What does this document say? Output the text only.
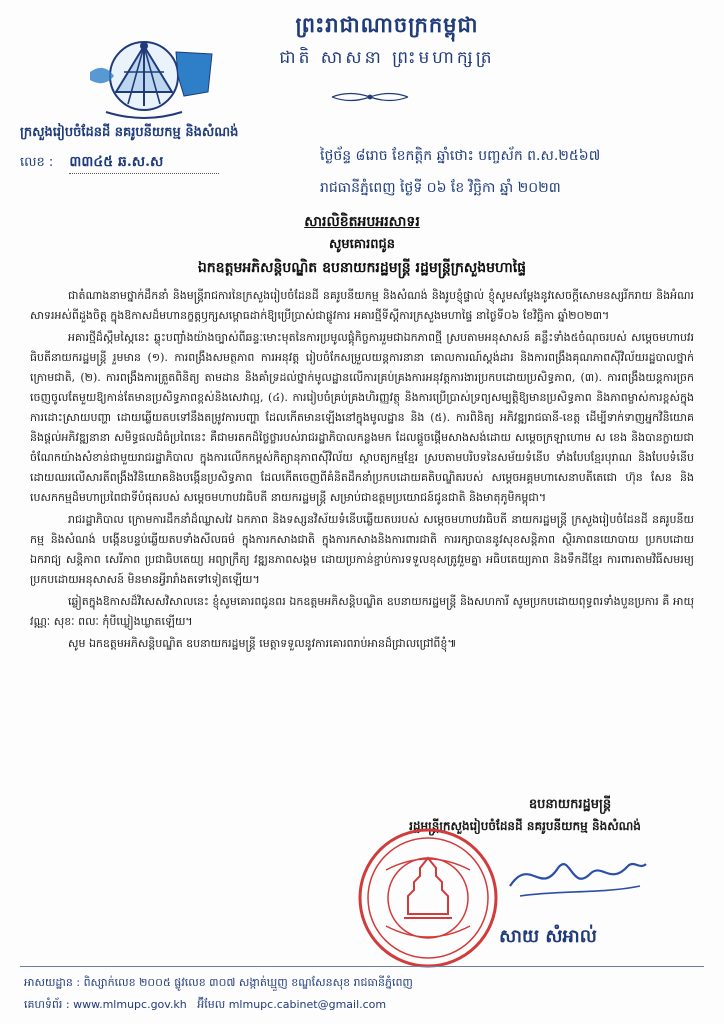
ព្រះរាជាណាចក្រកម្ពុជា
ជាតិ សាសនា ព្រះមហាក្សត្រ
ក្រសួងរៀបចំដែនដី នគរូបនីយកម្ម និងសំណង់
លេខ : ៣៣៤៥ ឆ.ស.ស	ថ្ងៃច័ន្ទ ៨រោច ខែកត្តិក ឆ្នាំថោះ បញ្ចស័ក ព.ស.២៥៦៧
រាជធានីភ្នំពេញ ថ្ងៃទី ០៦ ខែ វិច្ឆិកា ឆ្នាំ ២០២៣
សារលិខិតអបអរសាទរ
សូមគោរពជូន
ឯកឧត្តមអភិសន្តិបណ្ឌិត ឧបនាយករដ្ឋមន្ត្រី រដ្ឋមន្ត្រីក្រសួងមហាផ្ទៃ

ជាតំណាងនាមថ្នាក់ដឹកនាំ និងមន្ត្រីរាជការនៃក្រសួងរៀបចំដែនដី នគរូបនីយកម្ម និងសំណង់ និងរូបខ្ញុំផ្ទាល់ ខ្ញុំសូមសម្តែងនូវសេចក្តីសោមនស្សរីករាយ និងអំណរសាទរអស់ពីដួងចិត្ត ក្នុងឱកាសដ៏មហានក្ខត្តឫក្សសម្ពោធដាក់ឱ្យប្រើប្រាស់ជាផ្លូវការ អគារថ្មីទីស្តីការក្រសួងមហាផ្ទៃ នាថ្ងៃទី០៦ ខែវិច្ឆិកា ឆ្នាំ២០២៣។

អគារថ្មីដ៏ស្កឹមស្កៃនេះ ឆ្លុះបញ្ចាំងយ៉ាងច្បាស់ពីឆន្ទៈមោះមុតនៃការប្រមូលផ្តុំកិច្ចការរួមជាឯកភាពថ្មី ស្របតាមអនុសាសន៍ គន្លឹះទាំង៥ចំណុចរបស់ សម្តេចមហាបវរធិបតីនាយករដ្ឋមន្ត្រី រួមមាន (១). ការពង្រឹងសមត្ថភាព ការអនុវត្ត រៀបចំកែសម្រួលយន្តការនានា គោលការណ៍ស្តង់ដារ និងការពង្រឹងគុណភាពស៊ីវិល័យរដ្ឋបាលថ្នាក់ក្រោមជាតិ, (២). ការពង្រឹងការត្រួតពិនិត្យ តាមដាន និងគាំទ្រដល់ថ្នាក់មូលដ្ឋានលើការគ្រប់គ្រងការអនុវត្តការងារប្រកបដោយប្រសិទ្ធភាព, (៣). ការពង្រឹងយន្តការច្រកចេញចូលតែមួយឱ្យកាន់តែមានប្រសិទ្ធភាពខ្ពស់និងសេវាល្អ, (៤). ការរៀបចំគ្រប់គ្រងហិរញ្ញវត្ថុ និងការប្រើប្រាស់ទ្រព្យសម្បត្តិឱ្យមានប្រសិទ្ធភាព និងភាពម្ចាស់ការខ្ពស់ក្នុងការដោះស្រាយបញ្ហា ដោយឆ្លើយតបទៅនឹងតម្រូវការបញ្ហា ដែលកើតមានឡើងនៅក្នុងមូលដ្ឋាន និង (៥). ការពិនិត្យ អភិវឌ្ឍរាជធានី-ខេត្ត ដើម្បីទាក់ទាញអ្នកវិនិយោគ និងផ្តល់អភិវឌ្ឍនានា សមិទ្ធផលដ៏ធំប្រពៃនេះ គឺជាមរតកដ៏ថ្លៃថ្លារបស់រាជរដ្ឋាភិបាលកន្លងមក ដែលផ្តួចផ្តើមសាងសង់ដោយ សម្តេចក្រឡាហោម ស ខេង និងបានក្លាយជាចំណែកយ៉ាងសំខាន់ជាមួយរាជរដ្ឋាភិបាល ក្នុងការលើកកម្ពស់កិត្យានុភាពស៊ីវិល័យ ស្ថាបត្យកម្មខ្មែរ ស្របតាមបរិបទនៃសម័យទំនើប ទាំងបែបខ្មែរបុរាណ និងបែបទំនើប ដោយឈរលើសារតីពង្រឹងវិនិយោគនិងបង្កើនប្រសិទ្ធភាព ដែលកើតចេញពីគំនិតដឹកនាំប្រកបដោយគតិបណ្ឌិតរបស់ សម្តេចអគ្គមហាសេនាបតីតេជោ ហ៊ុន សែន និងបេសកកម្មដ៏មហាប្រពៃជាទីបំផុតរបស់ សម្តេចមហាបវរធិបតី នាយករដ្ឋមន្ត្រី សម្រាប់ជាឧត្តមប្រយោជន៍ជូនជាតិ និងមាតុភូមិកម្ពុជា។

រាជរដ្ឋាភិបាល ក្រោមការដឹកនាំដ៏ឈ្លាសវៃ ឯកភាព និងទស្សនវិស័យទំនើបឆ្លើយតបរបស់ សម្តេចមហាបវរធិបតី នាយករដ្ឋមន្ត្រី ក្រសួងរៀបចំដែនដី នគរូបនីយកម្ម និងសំណង់ បង្កើនបន្ទប់ឆ្លើយតបទាំងសីលធម៌ ក្នុងការកសាងជាតិ ក្នុងការកសាងនិងការពារជាតិ ការរក្សាបាននូវសុខសន្តិភាព ស្ថិរភាពនយោបាយ ប្រកបដោយឯករាជ្យ សន្តិភាព សេរីភាព ប្រជាធិបតេយ្យ អព្យាក្រឹត្យ វឌ្ឍនភាពសង្គម ដោយប្រកាន់ខ្ជាប់ការទទួលខុសត្រូវរួមគ្នា អធិបតេយ្យភាព និងទឹកដីខ្មែរ ការពារតាមវិធីសមរម្យ ប្រកបដោយអនុសាសន៍ មិនមានអ្វីរារាំងតទៅទៀតឡើយ។

ឆ្លៀតក្នុងឱកាសដ៏វិសេសវិសាលនេះ ខ្ញុំសូមគោរពជូនពរ ឯកឧត្តមអភិសន្តិបណ្ឌិត ឧបនាយករដ្ឋមន្ត្រី និងសហការី សូមប្រកបដោយពុទ្ធពរទាំងបួនប្រការ គឺ អាយុ វណ្ណៈ សុខៈ ពលៈ កុំបីឃ្លៀងឃ្លាតឡើយ។

សូម ឯកឧត្តមអភិសន្តិបណ្ឌិត ឧបនាយករដ្ឋមន្ត្រី មេត្តាទទួលនូវការគោរពរាប់អានដ៏ជ្រាលជ្រៅពីខ្ញុំ៕

ឧបនាយករដ្ឋមន្ត្រី
រដ្ឋមន្ត្រីក្រសួងរៀបចំដែនដី នគរូបនីយកម្ម និងសំណង់
សាយ សំអាល់
អាសយដ្ឋាន : ពិស្សាក់លេខ ២០០៥ ផ្លូវលេខ ៣០៧ សង្កាត់ឃ្មួញ ខណ្ឌសែនសុខ រាជធានីភ្នំពេញ
គេហទំព័រ : www.mlmupc.gov.kh អ៊ីមែល mlmupc.cabinet@gmail.com
